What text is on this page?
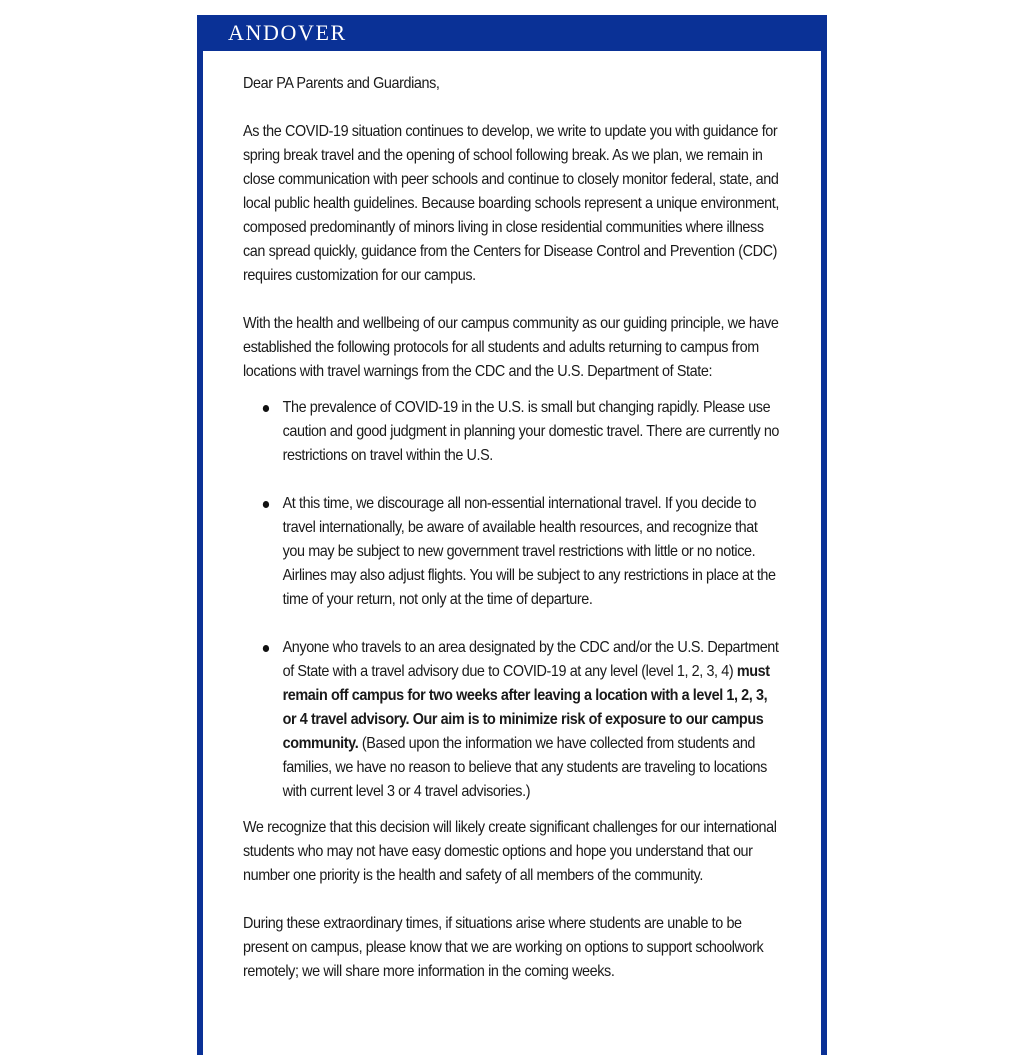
ANDOVER

Dear PA Parents and Guardians,

As the COVID-19 situation continues to develop, we write to update you with guidance for spring break travel and the opening of school following break. As we plan, we remain in close communication with peer schools and continue to closely monitor federal, state, and local public health guidelines. Because boarding schools represent a unique environment, composed predominantly of minors living in close residential communities where illness can spread quickly, guidance from the Centers for Disease Control and Prevention (CDC) requires customization for our campus.

With the health and wellbeing of our campus community as our guiding principle, we have established the following protocols for all students and adults returning to campus from locations with travel warnings from the CDC and the U.S. Department of State:

The prevalence of COVID-19 in the U.S. is small but changing rapidly. Please use caution and good judgment in planning your domestic travel. There are currently no restrictions on travel within the U.S.
At this time, we discourage all non-essential international travel. If you decide to travel internationally, be aware of available health resources, and recognize that you may be subject to new government travel restrictions with little or no notice. Airlines may also adjust flights. You will be subject to any restrictions in place at the time of your return, not only at the time of departure.
Anyone who travels to an area designated by the CDC and/or the U.S. Department of State with a travel advisory due to COVID-19 at any level (level 1, 2, 3, 4) must remain off campus for two weeks after leaving a location with a level 1, 2, 3, or 4 travel advisory. Our aim is to minimize risk of exposure to our campus community. (Based upon the information we have collected from students and families, we have no reason to believe that any students are traveling to locations with current level 3 or 4 travel advisories.)

We recognize that this decision will likely create significant challenges for our international students who may not have easy domestic options and hope you understand that our number one priority is the health and safety of all members of the community.

During these extraordinary times, if situations arise where students are unable to be present on campus, please know that we are working on options to support schoolwork remotely; we will share more information in the coming weeks.
